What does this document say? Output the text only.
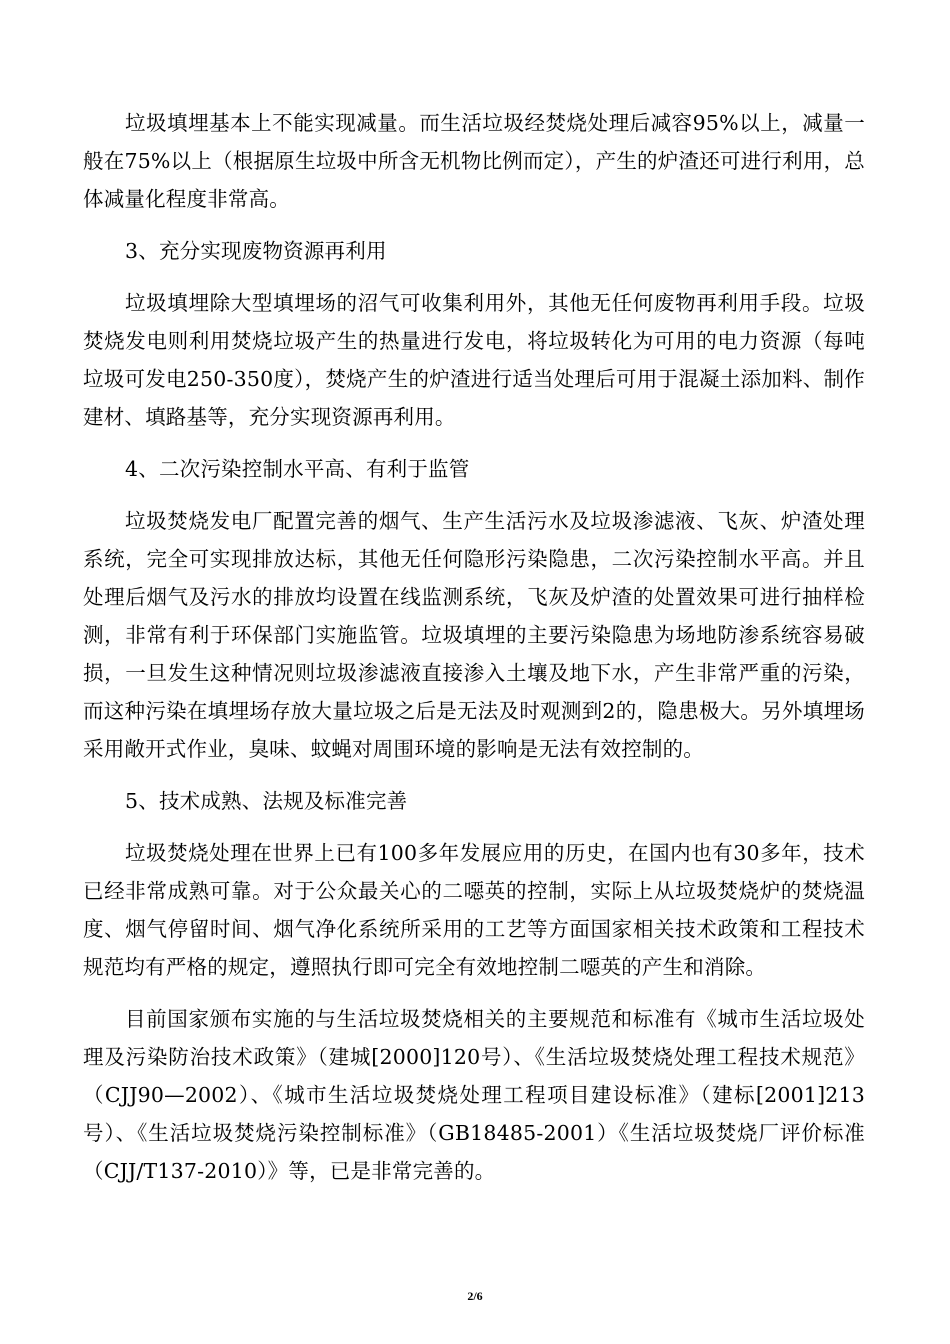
垃圾填埋基本上不能实现减量。而生活垃圾经焚烧处理后减容95%以上，减量一般在75%以上（根据原生垃圾中所含无机物比例而定），产生的炉渣还可进行利用，总体减量化程度非常高。

3、充分实现废物资源再利用

垃圾填埋除大型填埋场的沼气可收集利用外，其他无任何废物再利用手段。垃圾焚烧发电则利用焚烧垃圾产生的热量进行发电，将垃圾转化为可用的电力资源（每吨垃圾可发电250-350度），焚烧产生的炉渣进行适当处理后可用于混凝土添加料、制作建材、填路基等，充分实现资源再利用。

4、二次污染控制水平高、有利于监管

垃圾焚烧发电厂配置完善的烟气、生产生活污水及垃圾渗滤液、飞灰、炉渣处理系统，完全可实现排放达标，其他无任何隐形污染隐患，二次污染控制水平高。并且处理后烟气及污水的排放均设置在线监测系统，飞灰及炉渣的处置效果可进行抽样检测，非常有利于环保部门实施监管。垃圾填埋的主要污染隐患为场地防渗系统容易破损，一旦发生这种情况则垃圾渗滤液直接渗入土壤及地下水，产生非常严重的污染，而这种污染在填埋场存放大量垃圾之后是无法及时观测到2的，隐患极大。另外填埋场采用敞开式作业，臭味、蚊蝇对周围环境的影响是无法有效控制的。

5、技术成熟、法规及标准完善

垃圾焚烧处理在世界上已有100多年发展应用的历史，在国内也有30多年，技术已经非常成熟可靠。对于公众最关心的二噁英的控制，实际上从垃圾焚烧炉的焚烧温度、烟气停留时间、烟气净化系统所采用的工艺等方面国家相关技术政策和工程技术规范均有严格的规定，遵照执行即可完全有效地控制二噁英的产生和消除。

目前国家颁布实施的与生活垃圾焚烧相关的主要规范和标准有《城市生活垃圾处理及污染防治技术政策》（建城[2000]120号）、《生活垃圾焚烧处理工程技术规范》（CJJ90—2002）、《城市生活垃圾焚烧处理工程项目建设标准》（建标[2001]213号）、《生活垃圾焚烧污染控制标准》（GB18485-2001）《生活垃圾焚烧厂评价标准（CJJ/T137-2010）》等，已是非常完善的。

2/6
